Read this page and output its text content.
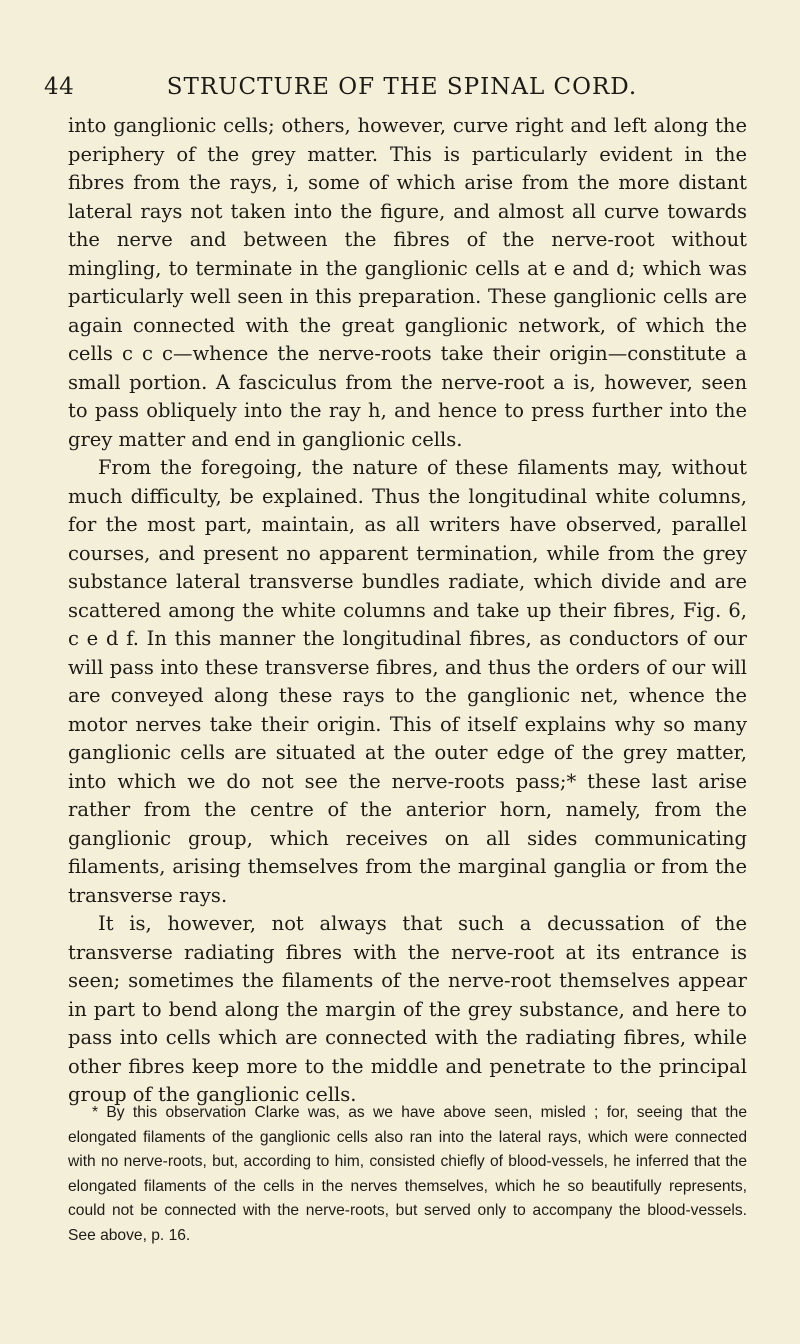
44	STRUCTURE OF THE SPINAL CORD.

into ganglionic cells; others, however, curve right and left along the periphery of the grey matter. This is particularly evident in the fibres from the rays, i, some of which arise from the more distant lateral rays not taken into the figure, and almost all curve towards the nerve and between the fibres of the nerve-root without mingling, to terminate in the ganglionic cells at e and d; which was particularly well seen in this preparation. These ganglionic cells are again connected with the great ganglionic network, of which the cells c c c—whence the nerve-roots take their origin—constitute a small portion. A fasciculus from the nerve-root a is, however, seen to pass obliquely into the ray h, and hence to press further into the grey matter and end in ganglionic cells.

From the foregoing, the nature of these filaments may, without much difficulty, be explained. Thus the longitudinal white columns, for the most part, maintain, as all writers have observed, parallel courses, and present no apparent termination, while from the grey substance lateral transverse bundles radiate, which divide and are scattered among the white columns and take up their fibres, Fig. 6, c e d f. In this manner the longitudinal fibres, as conductors of our will pass into these transverse fibres, and thus the orders of our will are conveyed along these rays to the ganglionic net, whence the motor nerves take their origin. This of itself explains why so many ganglionic cells are situated at the outer edge of the grey matter, into which we do not see the nerve-roots pass;* these last arise rather from the centre of the anterior horn, namely, from the ganglionic group, which receives on all sides communicating filaments, arising themselves from the marginal ganglia or from the transverse rays.

It is, however, not always that such a decussation of the transverse radiating fibres with the nerve-root at its entrance is seen; sometimes the filaments of the nerve-root themselves appear in part to bend along the margin of the grey substance, and here to pass into cells which are connected with the radiating fibres, while other fibres keep more to the middle and penetrate to the principal group of the ganglionic cells.

* By this observation Clarke was, as we have above seen, misled ; for, seeing that the elongated filaments of the ganglionic cells also ran into the lateral rays, which were connected with no nerve-roots, but, according to him, consisted chiefly of blood-vessels, he inferred that the elongated filaments of the cells in the nerves themselves, which he so beautifully represents, could not be connected with the nerve-roots, but served only to accompany the blood-vessels. See above, p. 16.
